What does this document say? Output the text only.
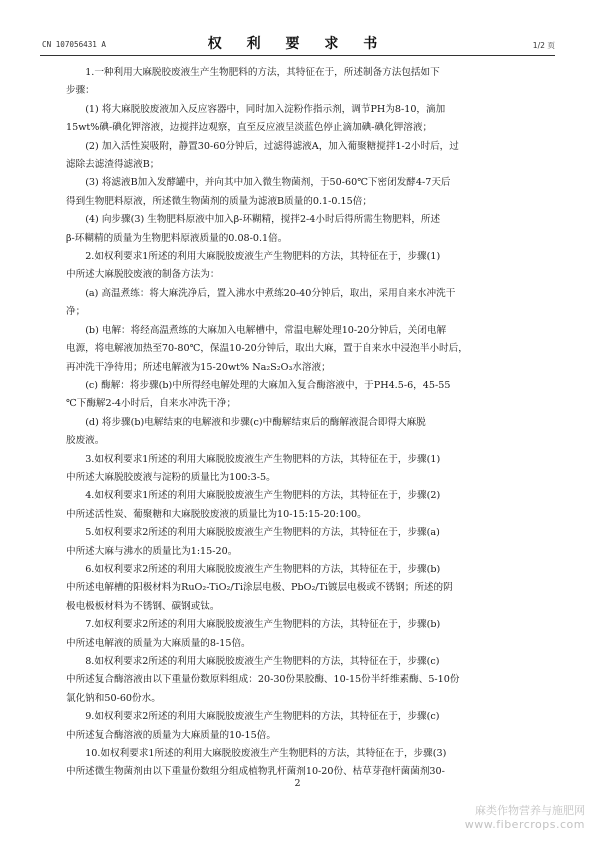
CN 107056431 A	权 利 要 求 书	1/2 页
1.一种利用大麻脱胶废液生产生物肥料的方法，其特征在于，所述制备方法包括如下
步骤：
(1) 将大麻脱胶废液加入反应容器中，同时加入淀粉作指示剂，调节PH为8-10，滴加
15wt%碘-碘化钾溶液，边搅拌边观察，直至反应液呈淡蓝色停止滴加碘-碘化钾溶液；
(2) 加入活性炭吸附，静置30-60分钟后，过滤得滤液A，加入葡聚糖搅拌1-2小时后，过
滤除去滤渣得滤液B；
(3) 将滤液B加入发酵罐中，并向其中加入微生物菌剂，于50-60℃下密闭发酵4-7天后
得到生物肥料原液，所述微生物菌剂的质量为滤液B质量的0.1-0.15倍；
(4) 向步骤(3) 生物肥料原液中加入β-环糊精，搅拌2-4小时后得所需生物肥料，所述
β-环糊精的质量为生物肥料原液质量的0.08-0.1倍。
2.如权利要求1所述的利用大麻脱胶废液生产生物肥料的方法，其特征在于，步骤(1)
中所述大麻脱胶废液的制备方法为：
(a) 高温煮练：将大麻洗净后，置入沸水中煮练20-40分钟后，取出，采用自来水冲洗干
净；
(b) 电解：将经高温煮练的大麻加入电解槽中，常温电解处理10-20分钟后，关闭电解
电源，将电解液加热至70-80℃，保温10-20分钟后，取出大麻，置于自来水中浸泡半小时后，
再冲洗干净待用；所述电解液为15-20wt% Na₂S₂O₃水溶液；
(c) 酶解：将步骤(b)中所得经电解处理的大麻加入复合酶溶液中，于PH4.5-6，45-55
℃下酶解2-4小时后，自来水冲洗干净；
(d) 将步骤(b)电解结束的电解液和步骤(c)中酶解结束后的酶解液混合即得大麻脱
胶废液。
3.如权利要求1所述的利用大麻脱胶废液生产生物肥料的方法，其特征在于，步骤(1)
中所述大麻脱胶废液与淀粉的质量比为100:3-5。
4.如权利要求1所述的利用大麻脱胶废液生产生物肥料的方法，其特征在于，步骤(2)
中所述活性炭、葡聚糖和大麻脱胶废液的质量比为10-15:15-20:100。
5.如权利要求2所述的利用大麻脱胶废液生产生物肥料的方法，其特征在于，步骤(a)
中所述大麻与沸水的质量比为1:15-20。
6.如权利要求2所述的利用大麻脱胶废液生产生物肥料的方法，其特征在于，步骤(b)
中所述电解槽的阳极材料为RuO₂-TiO₂/Ti涂层电极、PbO₂/Ti镀层电极或不锈钢；所述的阴
极电极板材料为不锈钢、碳钢或钛。
7.如权利要求2所述的利用大麻脱胶废液生产生物肥料的方法，其特征在于，步骤(b)
中所述电解液的质量为大麻质量的8-15倍。
8.如权利要求2所述的利用大麻脱胶废液生产生物肥料的方法，其特征在于，步骤(c)
中所述复合酶溶液由以下重量份数原料组成：20-30份果胶酶、10-15份半纤维素酶、5-10份
氯化钠和50-60份水。
9.如权利要求2所述的利用大麻脱胶废液生产生物肥料的方法，其特征在于，步骤(c)
中所述复合酶溶液的质量为大麻质量的10-15倍。
10.如权利要求1所述的利用大麻脱胶废液生产生物肥料的方法，其特征在于，步骤(3)
中所述微生物菌剂由以下重量份数组分组成植物乳杆菌剂10-20份、枯草芽孢杆菌菌剂30-
2
麻类作物营养与施肥网
www.fibercrops.com
